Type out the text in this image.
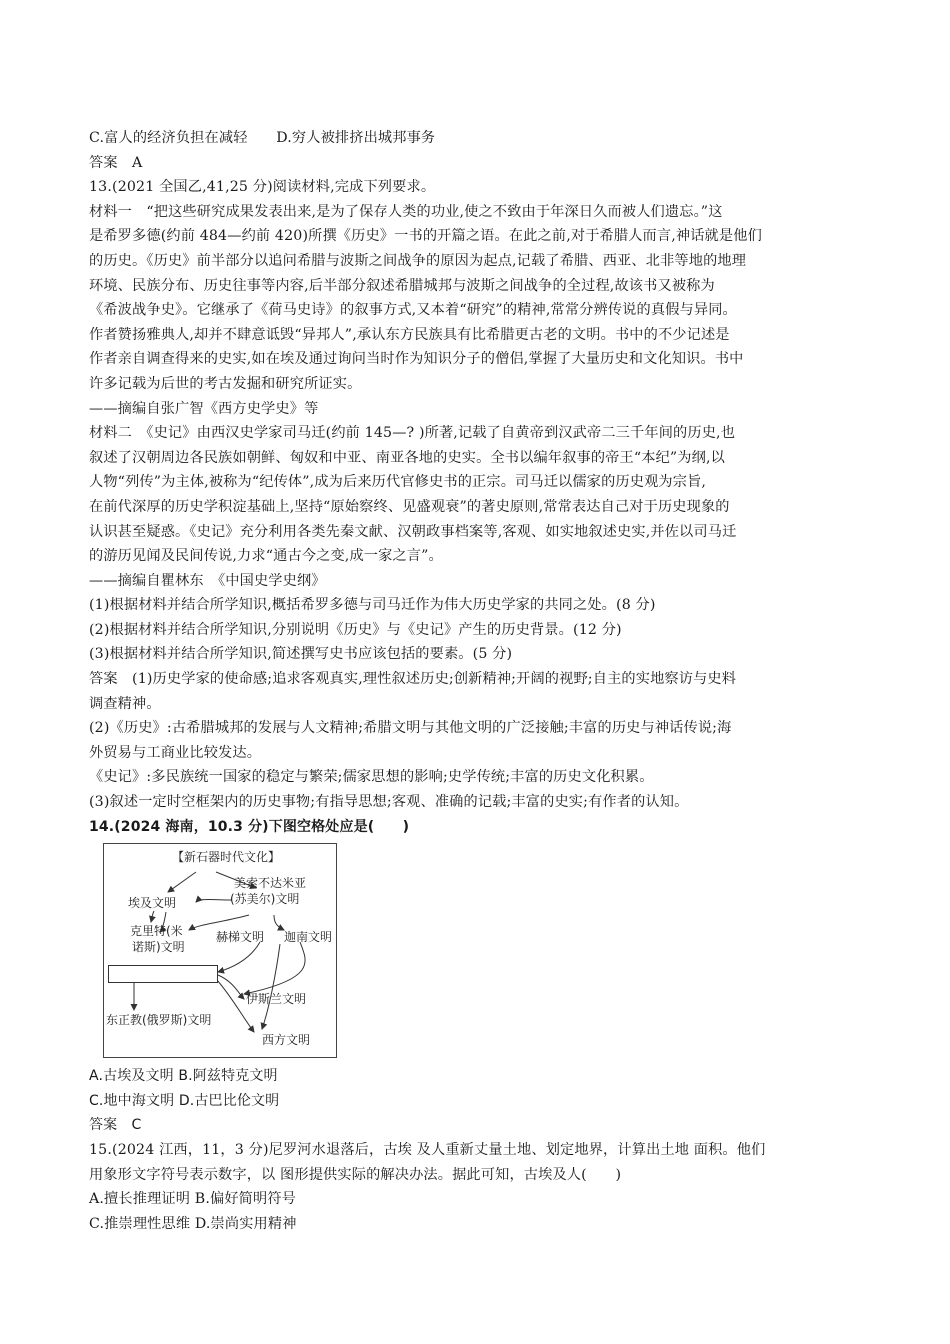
C.富人的经济负担在减轻　　D.穷人被排挤出城邦事务
答案　A
13.(2021 全国乙,41,25 分)阅读材料,完成下列要求。
材料一　“把这些研究成果发表出来,是为了保存人类的功业,使之不致由于年深日久而被人们遗忘。”这
是希罗多德(约前 484—约前 420)所撰《历史》一书的开篇之语。在此之前,对于希腊人而言,神话就是他们
的历史。《历史》前半部分以追问希腊与波斯之间战争的原因为起点,记载了希腊、西亚、北非等地的地理
环境、民族分布、历史往事等内容,后半部分叙述希腊城邦与波斯之间战争的全过程,故该书又被称为
《希波战争史》。它继承了《荷马史诗》的叙事方式,又本着“研究”的精神,常常分辨传说的真假与异同。
作者赞扬雅典人,却并不肆意诋毁“异邦人”,承认东方民族具有比希腊更古老的文明。书中的不少记述是
作者亲自调查得来的史实,如在埃及通过询问当时作为知识分子的僧侣,掌握了大量历史和文化知识。书中
许多记载为后世的考古发掘和研究所证实。
——摘编自张广智《西方史学史》等
材料二　《史记》由西汉史学家司马迁(约前 145—? )所著,记载了自黄帝到汉武帝二三千年间的历史,也
叙述了汉朝周边各民族如朝鲜、匈奴和中亚、南亚各地的史实。全书以编年叙事的帝王“本纪”为纲,以
人物“列传”为主体,被称为“纪传体”,成为后来历代官修史书的正宗。司马迁以儒家的历史观为宗旨,
在前代深厚的历史学积淀基础上,坚持“原始察终、见盛观衰”的著史原则,常常表达自己对于历史现象的
认识甚至疑惑。《史记》充分利用各类先秦文献、汉朝政事档案等,客观、如实地叙述史实,并佐以司马迁
的游历见闻及民间传说,力求“通古今之变,成一家之言”。
——摘编自瞿林东　《中国史学史纲》
(1)根据材料并结合所学知识,概括希罗多德与司马迁作为伟大历史学家的共同之处。(8 分)
(2)根据材料并结合所学知识,分别说明《历史》与《史记》产生的历史背景。(12 分)
(3)根据材料并结合所学知识,简述撰写史书应该包括的要素。(5 分)
答案　(1)历史学家的使命感;追求客观真实,理性叙述历史;创新精神;开阔的视野;自主的实地察访与史料
调查精神。
(2)《历史》:古希腊城邦的发展与人文精神;希腊文明与其他文明的广泛接触;丰富的历史与神话传说;海
外贸易与工商业比较发达。
《史记》:多民族统一国家的稳定与繁荣;儒家思想的影响;史学传统;丰富的历史文化积累。
(3)叙述一定时空框架内的历史事物;有指导思想;客观、准确的记载;丰富的史实;有作者的认知。
14.(2024 海南，10.3 分)下图空格处应是(　　)
【新石器时代文化】
埃及文明
美索不达米亚
(苏美尔)文明
克里特(米
诺斯)文明
赫梯文明 迦南文明
伊斯兰文明
东正教(俄罗斯)文明
西方文明
A.古埃及文明 B.阿兹特克文明
C.地中海文明 D.古巴比伦文明
答案　C
15.(2024 江西，11，3 分)尼罗河水退落后，古埃 及人重新丈量土地、划定地界，计算出土地 面积。他们
用象形文字符号表示数字，以 图形提供实际的解决办法。据此可知，古埃及人(　　)
A.擅长推理证明 B.偏好简明符号
C.推崇理性思维 D.崇尚实用精神
